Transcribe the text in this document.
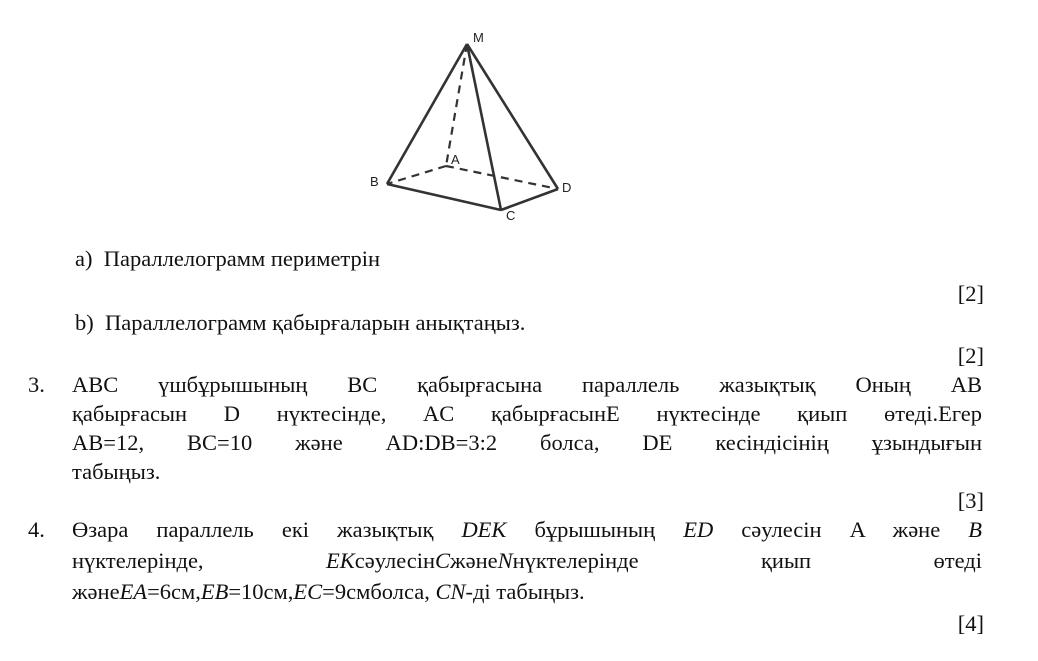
M
A
B
C
D
a) Параллелограмм периметрін
[2]
b) Параллелограмм қабырғаларын анықтаңыз.
[2]
3. ABC үшбұрышының BC қабырғасына параллель жазықтық Оның AB
қабырғасын D нүктесінде, AC қабырғасынE нүктесінде қиып өтеді.Егер
AB=12, BC=10 және AD:DB=3:2 болса, DE кесіндісінің ұзындығын
табыңыз.
[3]
4. Өзара параллель екі жазықтық DEK бұрышының ED сәулесін A және B
нүктелерінде,	EKсәулесінCжәнеNнүктелерінде	қиып	өтеді
жәнеEA=6см,EB=10см,EC=9смболса, CN-ді табыңыз.
[4]
